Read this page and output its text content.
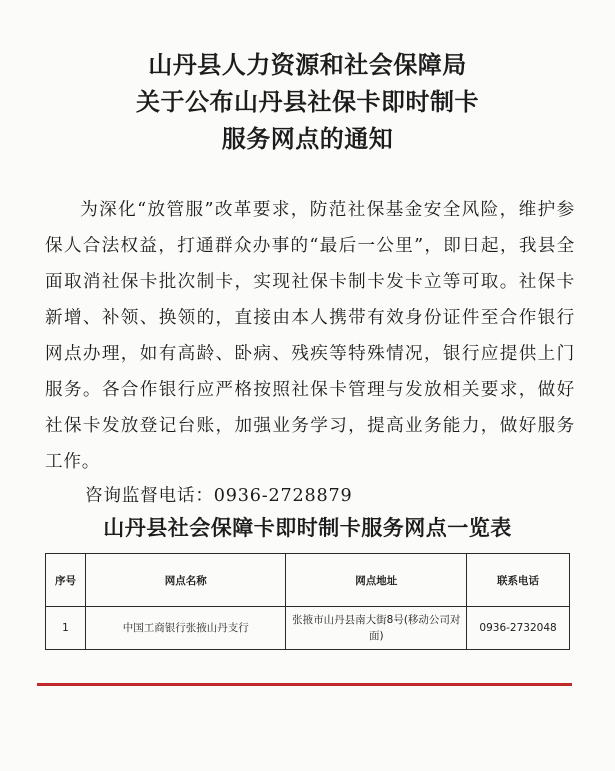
山丹县人力资源和社会保障局
关于公布山丹县社保卡即时制卡
服务网点的通知
为深化“放管服”改革要求，防范社保基金安全风险，维护参保人合法权益，打通群众办事的“最后一公里”，即日起，我县全面取消社保卡批次制卡，实现社保卡制卡发卡立等可取。社保卡新增、补领、换领的，直接由本人携带有效身份证件至合作银行网点办理，如有高龄、卧病、残疾等特殊情况，银行应提供上门服务。各合作银行应严格按照社保卡管理与发放相关要求，做好社保卡发放登记台账，加强业务学习，提高业务能力，做好服务工作。
咨询监督电话：0936-2728879
山丹县社会保障卡即时制卡服务网点一览表
序号	网点名称	网点地址	联系电话
1	中国工商银行张掖山丹支行	张掖市山丹县南大街8号(移动公司对面)	0936-2732048
